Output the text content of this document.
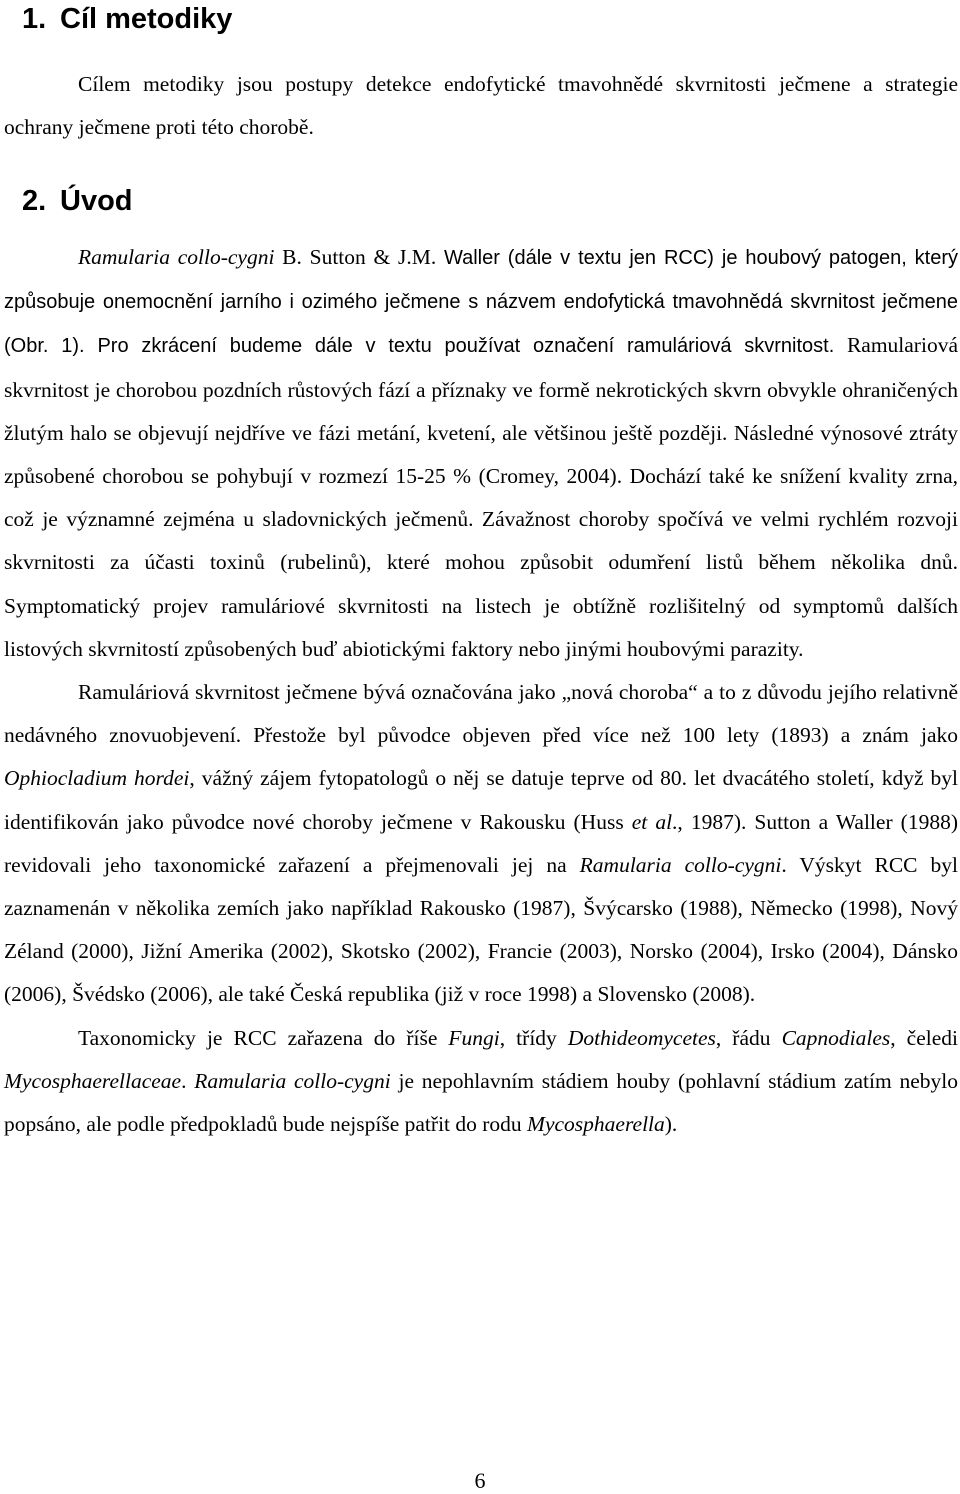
1. Cíl metodiky

Cílem metodiky jsou postupy detekce endofytické tmavohnědé skvrnitosti ječmene a strategie ochrany ječmene proti této chorobě.

2. Úvod

Ramularia collo-cygni B. Sutton & J.M. Waller (dále v textu jen RCC) je houbový patogen, který způsobuje onemocnění jarního i ozimého ječmene s názvem endofytická tmavohnědá skvrnitost ječmene (Obr. 1). Pro zkrácení budeme dále v textu používat označení ramuláriová skvrnitost. Ramulariová skvrnitost je chorobou pozdních růstových fází a příznaky ve formě nekrotických skvrn obvykle ohraničených žlutým halo se objevují nejdříve ve fázi metání, kvetení, ale většinou ještě později. Následné výnosové ztráty způsobené chorobou se pohybují v rozmezí 15-25 % (Cromey, 2004). Dochází také ke snížení kvality zrna, což je významné zejména u sladovnických ječmenů. Závažnost choroby spočívá ve velmi rychlém rozvoji skvrnitosti za účasti toxinů (rubelinů), které mohou způsobit odumření listů během několika dnů. Symptomatický projev ramuláriové skvrnitosti na listech je obtížně rozlišitelný od symptomů dalších listových skvrnitostí způsobených buď abiotickými faktory nebo jinými houbovými parazity.

Ramuláriová skvrnitost ječmene bývá označována jako „nová choroba“ a to z důvodu jejího relativně nedávného znovuobjevení. Přestože byl původce objeven před více než 100 lety (1893) a znám jako Ophiocladium hordei, vážný zájem fytopatologů o něj se datuje teprve od 80. let dvacátého století, když byl identifikován jako původce nové choroby ječmene v Rakousku (Huss et al., 1987). Sutton a Waller (1988) revidovali jeho taxonomické zařazení a přejmenovali jej na Ramularia collo-cygni. Výskyt RCC byl zaznamenán v několika zemích jako například Rakousko (1987), Švýcarsko (1988), Německo (1998), Nový Zéland (2000), Jižní Amerika (2002), Skotsko (2002), Francie (2003), Norsko (2004), Irsko (2004), Dánsko (2006), Švédsko (2006), ale také Česká republika (již v roce 1998) a Slovensko (2008).

Taxonomicky je RCC zařazena do říše Fungi, třídy Dothideomycetes, řádu Capnodiales, čeledi Mycosphaerellaceae. Ramularia collo-cygni je nepohlavním stádiem houby (pohlavní stádium zatím nebylo popsáno, ale podle předpokladů bude nejspíše patřit do rodu Mycosphaerella).

6
